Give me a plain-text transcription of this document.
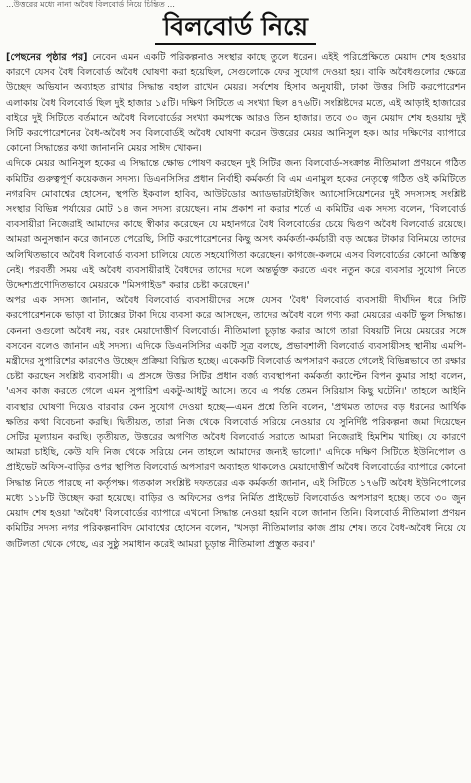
...উত্তরের মধ্যে নানা অবৈধ বিলবোর্ড নিয়ে চিন্তিত ...
বিলবোর্ড নিয়ে

[পেছনের পৃষ্ঠার পর] নেবেন এমন একটি পরিকল্পনাও সংস্থার কাছে তুলে ধরেন। এইই পরিপ্রেক্ষিতে মেয়াদ শেষ হওয়ার কারণে যেসব বৈধ বিলবোর্ড অবৈধ ঘোষণা করা হয়েছিল, সেগুলোকে ফের সুযোগ দেওয়া হয়। বাকি অবৈধগুলোর ক্ষেত্রে উচ্ছেদ অভিযান অব্যাহত রাখার সিদ্ধান্ত বহাল রাখেন মেয়র। সর্বশেষ হিসাব অনুযায়ী, ঢাকা উত্তর সিটি করপোরেশন এলাকায় বৈধ বিলবোর্ড ছিল দুই হাজার ১৫টি। দক্ষিণ সিটিতে এ সংখ্যা ছিল ৪৭৬টি। সংশ্লিষ্টদের মতে, এই আড়াই হাজারের বাইরে দুই সিটিতে বর্তমানে অবৈধ বিলবোর্ডের সংখ্যা কমপক্ষে আরও তিন হাজার। তবে ৩০ জুন মেয়াদ শেষ হওয়ায় দুই সিটি করপোরেশনের বৈধ-অবৈধ সব বিলবোর্ডই অবৈধ ঘোষণা করেন উত্তরের মেয়র আনিসুল হক। আর দক্ষিণের ব্যাপারে কোনো সিদ্ধান্তের কথা জানাননি মেয়র সাঈদ খোকন।

এদিকে মেয়র আনিসুল হকের এ সিদ্ধান্তে ক্ষোভ পোষণ করছেন দুই সিটির জন্য বিলবোর্ড-সংক্রান্ত নীতিমালা প্রণয়নে গঠিত কমিটির গুরুত্বপূর্ণ কয়েকজন সদস্য। ডিএনসিসির প্রধান নির্বাহী কর্মকর্তা বি এম এনামুল হকের নেতৃত্বে গঠিত ওই কমিটিতে নগরবিদ মোবাশ্বের হোসেন, স্থপতি ইকবাল হাবিব, আউটডোর অ্যাডভারটাইজিং অ্যাসোসিয়েশনের দুই সদস্যসহ সংশ্লিষ্ট সংস্থার বিভিন্ন পর্যায়ের মোট ১৪ জন সদস্য রয়েছেন। নাম প্রকাশ না করার শর্তে এ কমিটির এক সদস্য বলেন, 'বিলবোর্ড ব্যবসায়ীরা নিজেরাই আমাদের কাছে স্বীকার করেছেন যে মহানগরে বৈধ বিলবোর্ডের চেয়ে দ্বিগুণ অবৈধ বিলবোর্ড রয়েছে। আমরা অনুসন্ধান করে জানতে পেরেছি, সিটি করপোরেশনের কিছু অসৎ কর্মকর্তা-কর্মচারী বড় অঙ্কের টাকার বিনিময়ে তাদের অলিখিতভাবে অবৈধ বিলবোর্ড ব্যবসা চালিয়ে যেতে সহযোগিতা করেছেন। কাগজে-কলমে এসব বিলবোর্ডের কোনো অস্তিত্ব নেই। পরবর্তী সময় এই অবৈধ ব্যবসায়ীরাই বৈধদের তাদের দলে অন্তর্ভুক্ত করতে এবং নতুন করে ব্যবসার সুযোগ নিতে উদ্দেশ্যপ্রণোদিতভাবে মেয়রকে "মিসগাইড" করার চেষ্টা করেছেন।'

অপর এক সদস্য জানান, অবৈধ বিলবোর্ড ব্যবসায়ীদের সঙ্গে যেসব 'বৈধ' বিলবোর্ড ব্যবসায়ী দীর্ঘদিন ধরে সিটি করপোরেশনকে ভাড়া বা ট্যাক্সের টাকা দিয়ে ব্যবসা করে আসছেন, তাদের অবৈধ বলে গণ্য করা মেয়রের একটি ভুল সিদ্ধান্ত। কেননা ওগুলো অবৈধ নয়, বরং মেয়াদোত্তীর্ণ বিলবোর্ড। নীতিমালা চূড়ান্ত করার আগে তারা বিষয়টি নিয়ে মেয়রের সঙ্গে বসবেন বলেও জানান এই সদস্য। এদিকে ডিএনসিসির একটি সূত্র বলছে, প্রভাবশালী বিলবোর্ড ব্যবসায়ীসহ স্থানীয় এমপি-মন্ত্রীদের সুপারিশের কারণেও উচ্ছেদ প্রক্রিয়া বিঘ্নিত হচ্ছে। একেকটি বিলবোর্ড অপসারণ করতে গেলেই বিভিন্নভাবে তা রক্ষার চেষ্টা করছেন সংশ্লিষ্ট ব্যবসায়ী। এ প্রসঙ্গে উত্তর সিটির প্রধান বর্জ্য ব্যবস্থাপনা কর্মকর্তা ক্যাপ্টেন বিপন কুমার সাহা বলেন, 'এসব কাজ করতে গেলে এমন সুপারিশ একটু-আধটু আসে। তবে এ পর্যন্ত তেমন সিরিয়াস কিছু ঘটেনি।' তাহলে আইনি ব্যবস্থার ঘোষণা দিয়েও বারবার কেন সুযোগ দেওয়া হচ্ছে—এমন প্রশ্নে তিনি বলেন, 'প্রথমত তাদের বড় ধরনের আর্থিক ক্ষতির কথা বিবেচনা করছি। দ্বিতীয়ত, তারা নিজ থেকে বিলবোর্ড সরিয়ে নেওয়ার যে সুনির্দিষ্ট পরিকল্পনা জমা দিয়েছেন সেটির মূল্যায়ন করছি। তৃতীয়ত, উত্তরের অগণিত অবৈধ বিলবোর্ড সরাতে আমরা নিজেরাই হিমশিম খাচ্ছি। যে কারণে আমরা চাইছি, কেউ যদি নিজ থেকে সরিয়ে নেন তাহলে আমাদের জন্যই ভালো।' এদিকে দক্ষিণ সিটিতে ইউনিপোল ও প্রাইভেট অফিস-বাড়ির ওপর স্থাপিত বিলবোর্ড অপসারণ অব্যাহত থাকলেও মেয়াদোত্তীর্ণ অবৈধ বিলবোর্ডের ব্যাপারে কোনো সিদ্ধান্ত নিতে পারছে না কর্তৃপক্ষ। গতকাল সংশ্লিষ্ট দফতরের এক কর্মকর্তা জানান, এই সিটিতে ১৭৬টি অবৈধ ইউনিপোলের মধ্যে ১১৮টি উচ্ছেদ করা হয়েছে। বাড়ির ও অফিসের ওপর নির্মিত প্রাইভেট বিলবোর্ডও অপসারণ হচ্ছে। তবে ৩০ জুন মেয়াদ শেষ হওয়া 'অবৈধ' বিলবোর্ডের ব্যাপারে এখনো সিদ্ধান্ত নেওয়া হয়নি বলে জানান তিনি। বিলবোর্ড নীতিমালা প্রণয়ন কমিটির সদস্য নগর পরিকল্পনাবিদ মোবাশ্বের হোসেন বলেন, 'খসড়া নীতিমালার কাজ প্রায় শেষ। তবে বৈধ-অবৈধ নিয়ে যে জটিলতা থেকে গেছে, এর সুষ্ঠু সমাধান করেই আমরা চূড়ান্ত নীতিমালা প্রস্তুত করব।'
